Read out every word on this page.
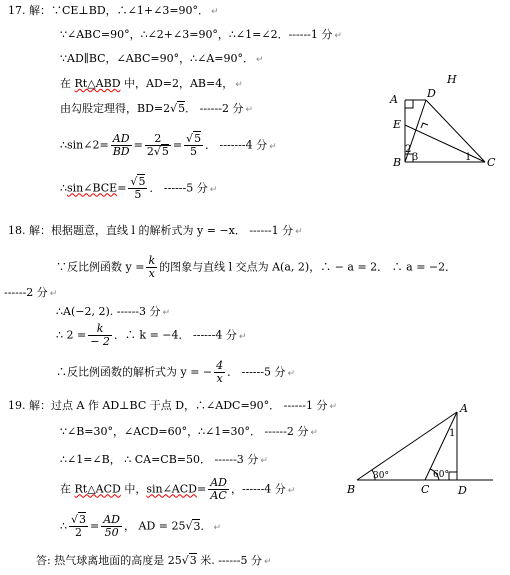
17. 解：∵CE⊥BD，∴∠1+∠3=90°． ↵
∵∠ABC=90°，∴∠2+∠3=90°，∴∠1=∠2．------1 分 ↵
∵AD∥BC，∠ABC=90°，∴∠A=90°． ↵
在 Rt△ABD 中，AD=2，AB=4， ↵
由勾股定理得，BD=2√5． ------2 分 ↵
∴sin∠2= $\frac{AD}{BD} = \frac{2}{2√5} = \frac{√5}{5}$ ． -------4 分 ↵
∴sin∠BCE= $\frac{√5}{5}$ ． ------5 分 ↵
A	D
H
E
B	C
2
3	1
18. 解：根据题意，直线 l 的解析式为 y = −x． ------1 分 ↵
∵反比例函数 $y = \frac{k}{x}$ 的图象与直线 l 交点为 A(a, 2)，∴ − a = 2． ∴ a = −2．
------2 分 ↵
∴A(−2, 2). ------3 分 ↵
∴ $2 = \frac{k}{- 2}$ ．∴ k = −4． ------4 分 ↵
∴反比例函数的解析式为 y = − $\frac{4}{x}$ ． ------5 分 ↵
19. 解：过点 A 作 AD⊥BC 于点 D，∴∠ADC=90°． ------1 分 ↵
∵∠B=30°，∠ACD=60°，∴∠1=30°． ------2 分 ↵
∴∠1=∠B， ∴ CA=CB=50． ------3 分 ↵
在 Rt△ACD 中，sin∠ACD= $\frac{AD}{AC}$ ，------4 分 ↵
∴ $\frac{√3}{2} = \frac{AD}{50}$ ， AD = 25√3． ↵
答: 热气球离地面的高度是 25√3 米. ------5 分 ↵
A
B	C	D
1
30°	60°
